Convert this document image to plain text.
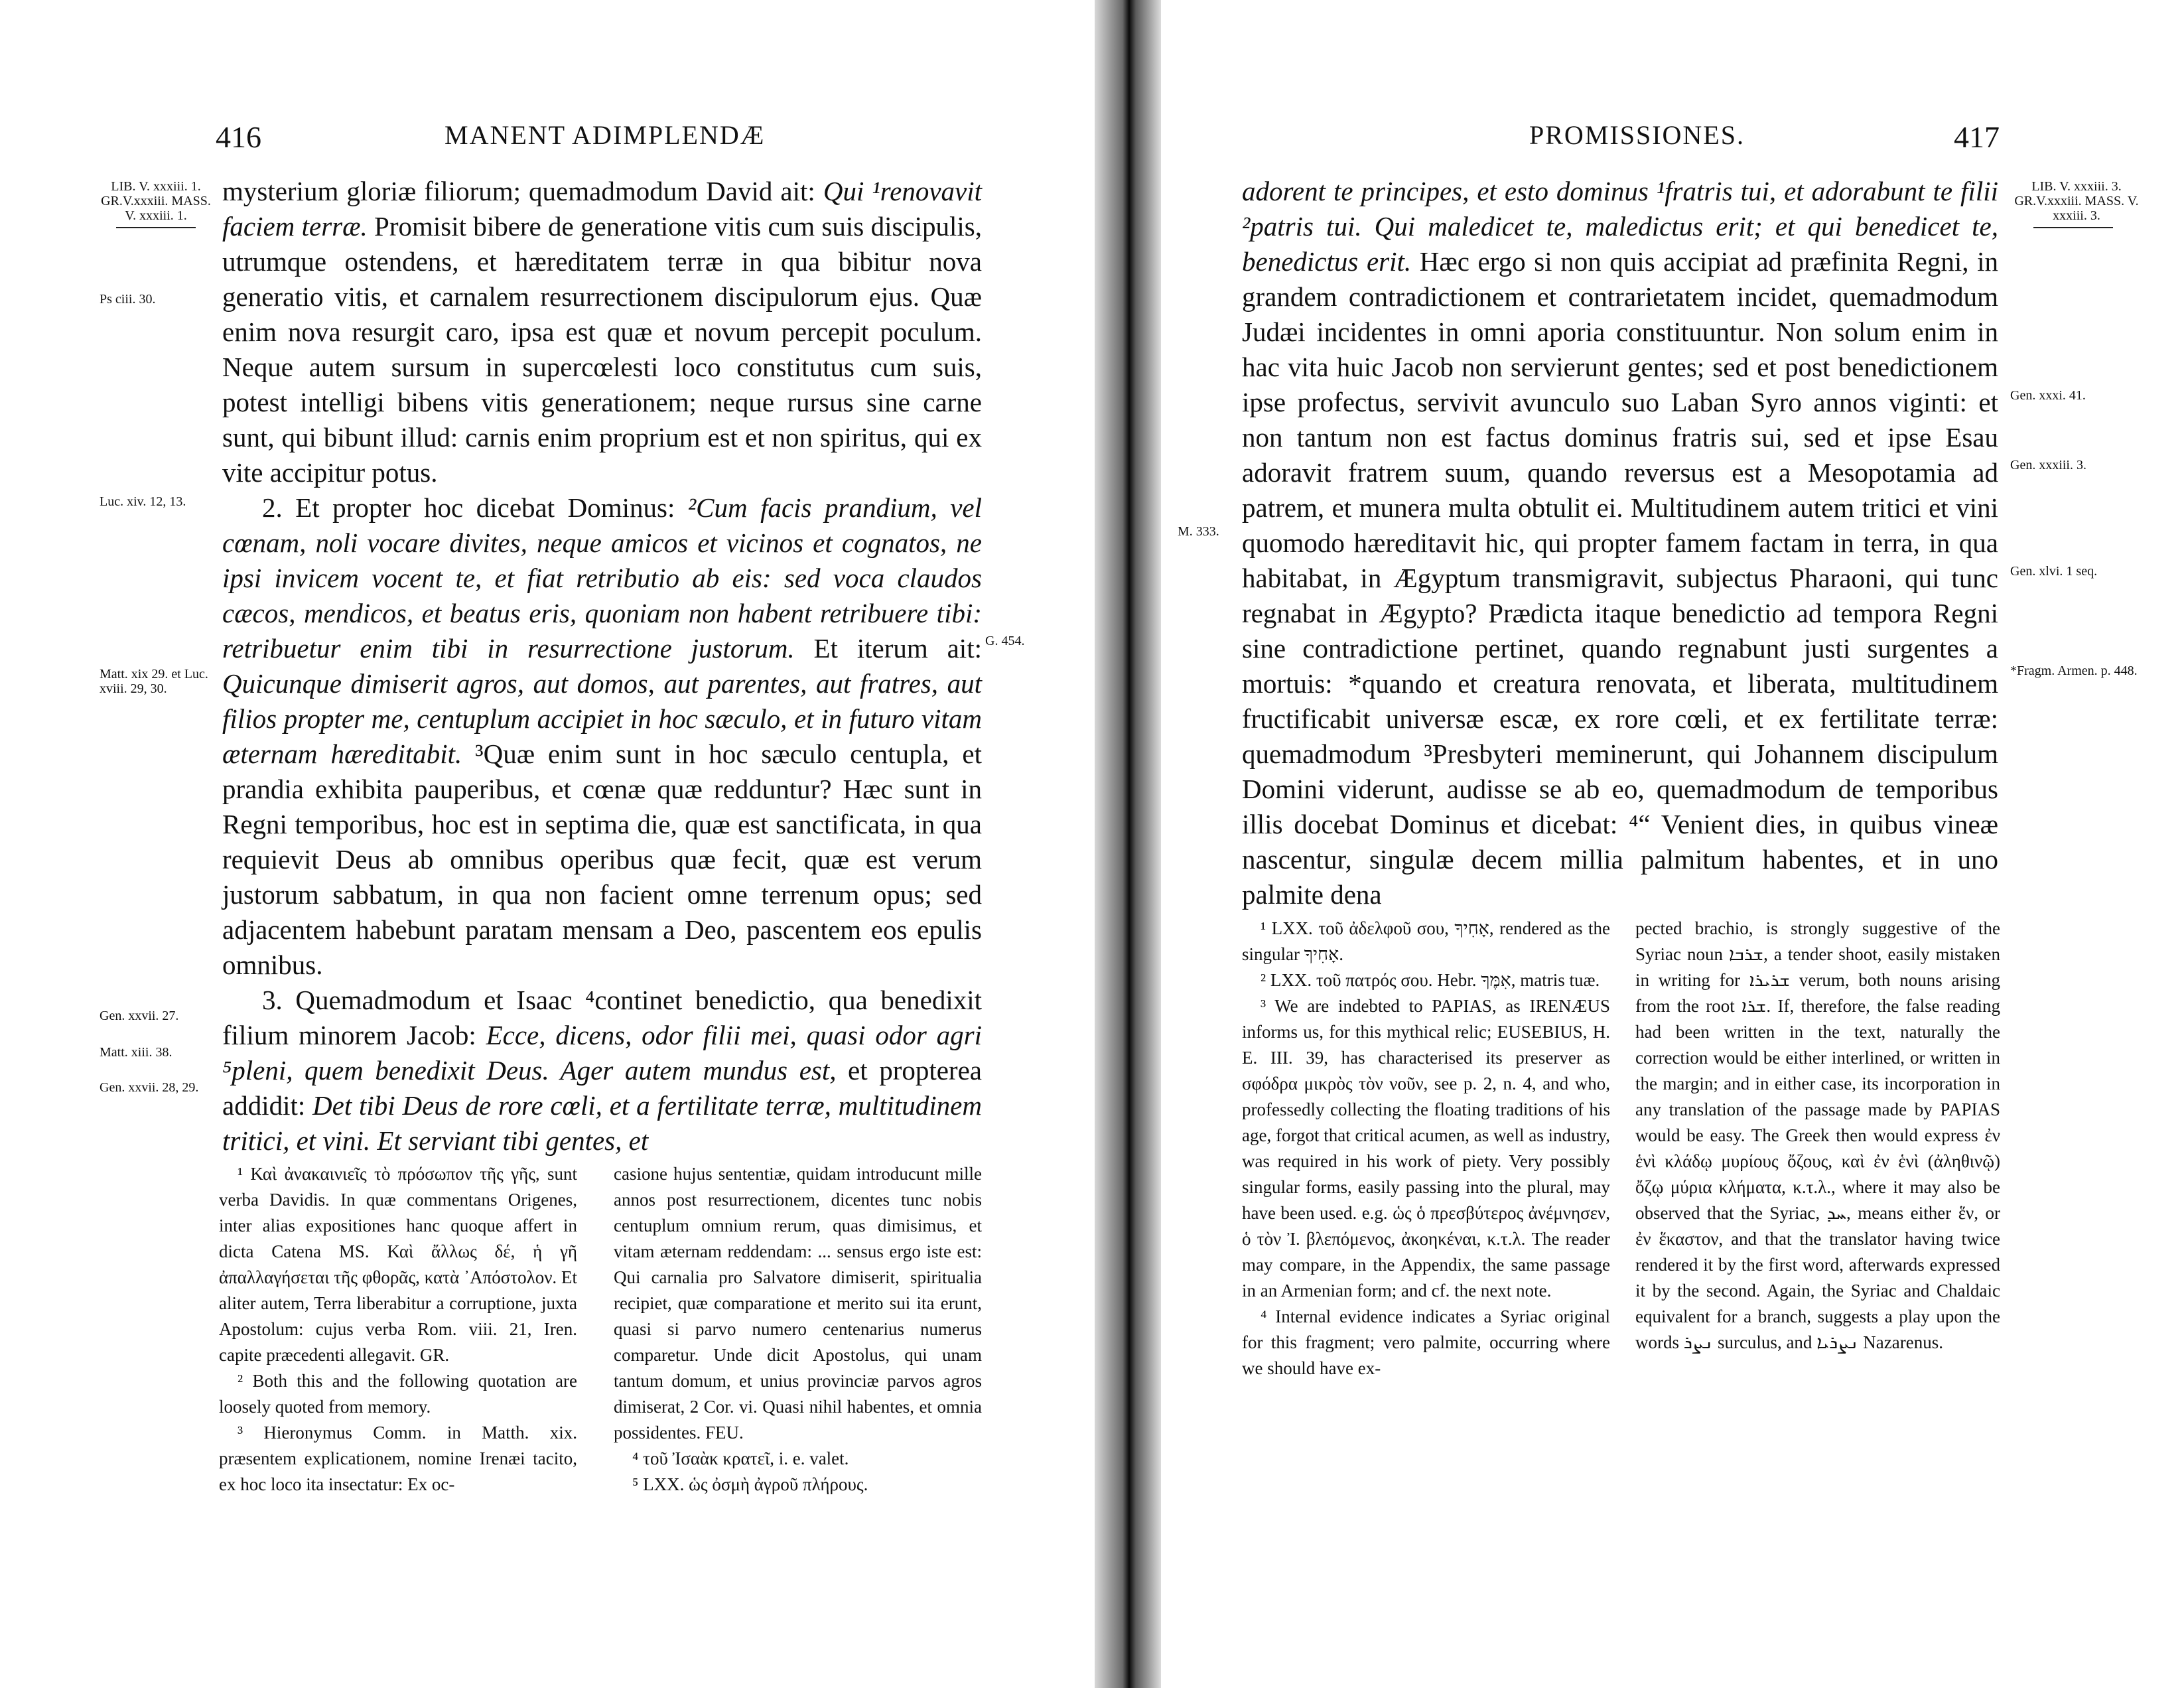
416	MANENT ADIMPLENDÆ
LIB. V. xxxiii. 1. GR.V.xxxiii. MASS. V. xxxiii. 1.
Ps ciii. 30.
Luc. xiv. 12, 13.
Matt. xix 29. et Luc. xviii. 29, 30.
Gen. xxvii. 27.
Matt. xiii. 38.
Gen. xxvii. 28, 29.
G. 454.

mysterium gloriæ filiorum; quemadmodum David ait: Qui ¹renovavit faciem terræ. Promisit bibere de generatione vitis cum suis discipulis, utrumque ostendens, et hæreditatem terræ in qua bibitur nova generatio vitis, et carnalem resurrectionem discipulorum ejus. Quæ enim nova resurgit caro, ipsa est quæ et novum percepit poculum. Neque autem sursum in supercœlesti loco constitutus cum suis, potest intelligi bibens vitis generationem; neque rursus sine carne sunt, qui bibunt illud: carnis enim proprium est et non spiritus, qui ex vite accipitur potus.

2. Et propter hoc dicebat Dominus: ²Cum facis prandium, vel cœnam, noli vocare divites, neque amicos et vicinos et cognatos, ne ipsi invicem vocent te, et fiat retributio ab eis: sed voca claudos cæcos, mendicos, et beatus eris, quoniam non habent retribuere tibi: retribuetur enim tibi in resurrectione justorum. Et iterum ait: Quicunque dimiserit agros, aut domos, aut parentes, aut fratres, aut filios propter me, centuplum accipiet in hoc sæculo, et in futuro vitam æternam hæreditabit. ³Quæ enim sunt in hoc sæculo centupla, et prandia exhibita pauperibus, et cœnæ quæ redduntur? Hæc sunt in Regni temporibus, hoc est in septima die, quæ est sanctificata, in qua requievit Deus ab omnibus operibus quæ fecit, quæ est verum justorum sabbatum, in qua non facient omne terrenum opus; sed adjacentem habebunt paratam mensam a Deo, pascentem eos epulis omnibus.

3. Quemadmodum et Isaac ⁴continet benedictio, qua benedixit filium minorem Jacob: Ecce, dicens, odor filii mei, quasi odor agri ⁵pleni, quem benedixit Deus. Ager autem mundus est, et propterea addidit: Det tibi Deus de rore cœli, et a fertilitate terræ, multitudinem tritici, et vini. Et serviant tibi gentes, et

¹ Καὶ ἀνακαινιεῖς τὸ πρόσωπον τῆς γῆς, sunt verba Davidis. In quæ commentans Origenes, inter alias expositiones hanc quoque affert in dicta Catena MS. Καὶ ἄλλως δέ, ἡ γῆ ἀπαλλαγήσεται τῆς φθορᾶς, κατὰ ᾿Απόστολον. Et aliter autem, Terra liberabitur a corruptione, juxta Apostolum: cujus verba Rom. viii. 21, Iren. capite præcedenti allegavit. GR.

² Both this and the following quotation are loosely quoted from memory.

³ Hieronymus Comm. in Matth. xix. præsentem explicationem, nomine Irenæi tacito, ex hoc loco ita insectatur: Ex oc-

casione hujus sententiæ, quidam introducunt mille annos post resurrectionem, dicentes tunc nobis centuplum omnium rerum, quas dimisimus, et vitam æternam reddendam: ... sensus ergo iste est: Qui carnalia pro Salvatore dimiserit, spiritualia recipiet, quæ comparatione et merito sui ita erunt, quasi si parvo numero centenarius numerus comparetur. Unde dicit Apostolus, qui unam tantum domum, et unius provinciæ parvos agros dimiserat, 2 Cor. vi. Quasi nihil habentes, et omnia possidentes. FEU.

⁴ τοῦ Ἰσαὰκ κρατεῖ, i. e. valet.

⁵ LXX. ὡς ὀσμὴ ἀγροῦ πλήρους.

PROMISSIONES.	417
LIB. V. xxxiii. 3. GR.V.xxxiii. MASS. V. xxxiii. 3.
Gen. xxxi. 41.
Gen. xxxiii. 3.
M. 333.
Gen. xlvi. 1 seq.
*Fragm. Armen. p. 448.

adorent te principes, et esto dominus ¹fratris tui, et adorabunt te filii ²patris tui. Qui maledicet te, maledictus erit; et qui benedicet te, benedictus erit. Hæc ergo si non quis accipiat ad præfinita Regni, in grandem contradictionem et contrarietatem incidet, quemadmodum Judæi incidentes in omni aporia constituuntur. Non solum enim in hac vita huic Jacob non servierunt gentes; sed et post benedictionem ipse profectus, servivit avunculo suo Laban Syro annos viginti: et non tantum non est factus dominus fratris sui, sed et ipse Esau adoravit fratrem suum, quando reversus est a Mesopotamia ad patrem, et munera multa obtulit ei. Multitudinem autem tritici et vini quomodo hæreditavit hic, qui propter famem factam in terra, in qua habitabat, in Ægyptum transmigravit, subjectus Pharaoni, qui tunc regnabat in Ægypto? Prædicta itaque benedictio ad tempora Regni sine contradictione pertinet, quando regnabunt justi surgentes a mortuis: *quando et creatura renovata, et liberata, multitudinem fructificabit universæ escæ, ex rore cœli, et ex fertilitate terræ: quemadmodum ³Presbyteri meminerunt, qui Johannem discipulum Domini viderunt, audisse se ab eo, quemadmodum de temporibus illis docebat Dominus et dicebat: ⁴“ Venient dies, in quibus vineæ nascentur, singulæ decem millia palmitum habentes, et in uno palmite dena

¹ LXX. τοῦ ἀδελφοῦ σου, אָחִיךָ, rendered as the singular אָחִיךָ.

² LXX. τοῦ πατρός σου. Hebr. אִמֶּךָ, matris tuæ.

³ We are indebted to PAPIAS, as IRENÆUS informs us, for this mythical relic; EUSEBIUS, H. E. III. 39, has characterised its preserver as σφόδρα μικρὸς τὸν νοῦν, see p. 2, n. 4, and who, professedly collecting the floating traditions of his age, forgot that critical acumen, as well as industry, was required in his work of piety. Very possibly singular forms, easily passing into the plural, may have been used. e.g. ὡς ὁ πρεσβύτερος ἀνέμνησεν, ὁ τὸν Ἰ. βλεπόμενος, ἀκοηκέναι, κ.τ.λ. The reader may compare, in the Appendix, the same passage in an Armenian form; and cf. the next note.

⁴ Internal evidence indicates a Syriac original for this fragment; vero palmite, occurring where we should have ex-

pected brachio, is strongly suggestive of the Syriac noun ܫܪܒܐ, a tender shoot, easily mistaken in writing for ܫܪܝܪܐ verum, both nouns arising from the root ܫܪܐ. If, therefore, the false reading had been written in the text, naturally the correction would be either interlined, or written in the margin; and in either case, its incorporation in any translation of the passage made by PAPIAS would be easy. The Greek then would express ἐν ἑνὶ κλάδῳ μυρίους ὄζους, καὶ ἐν ἑνὶ (ἀληθινῷ) ὄζῳ μύρια κλήματα, κ.τ.λ., where it may also be observed that the Syriac, ܚܕ, means either ἕν, or ἐν ἕκαστον, and that the translator having twice rendered it by the first word, afterwards expressed it by the second. Again, the Syriac and Chaldaic equivalent for a branch, suggests a play upon the words ܢܨܪ surculus, and ܢܨܪܝܐ Nazarenus.
